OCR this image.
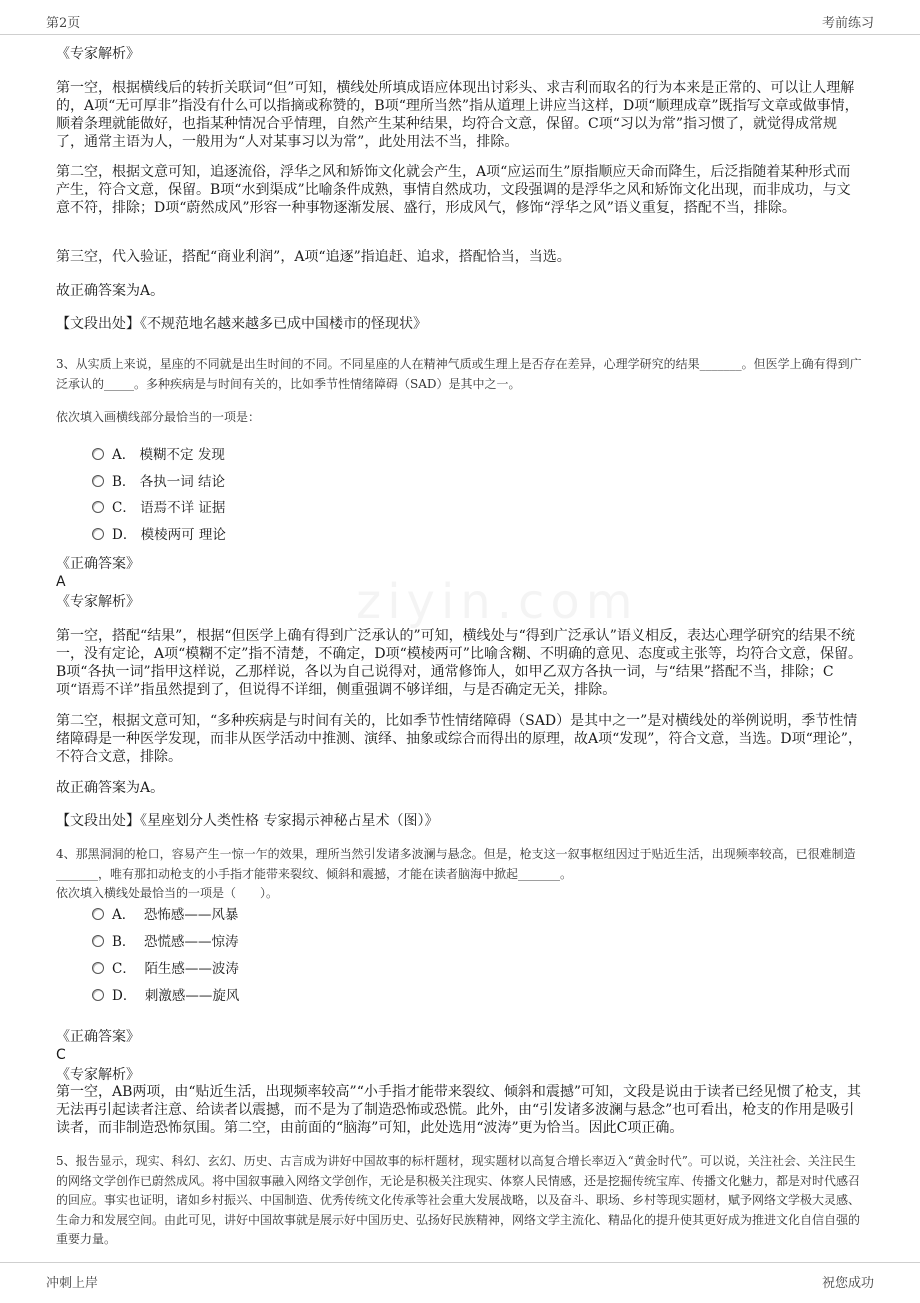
第2页	考前练习

《专家解析》

第一空，根据横线后的转折关联词“但”可知，横线处所填成语应体现出讨彩头、求吉利而取名的行为本来是正常的、可以让人理解的，A项“无可厚非”指没有什么可以指摘或称赞的，B项“理所当然”指从道理上讲应当这样，D项“顺理成章”既指写文章或做事情，顺着条理就能做好，也指某种情况合乎情理，自然产生某种结果，均符合文意，保留。C项“习以为常”指习惯了，就觉得成常规了，通常主语为人，一般用为“人对某事习以为常”，此处用法不当，排除。

第二空，根据文意可知，追逐流俗，浮华之风和矫饰文化就会产生，A项“应运而生”原指顺应天命而降生，后泛指随着某种形式而产生，符合文意，保留。B项“水到渠成”比喻条件成熟，事情自然成功，文段强调的是浮华之风和矫饰文化出现，而非成功，与文意不符，排除；D项“蔚然成风”形容一种事物逐渐发展、盛行，形成风气，修饰“浮华之风”语义重复，搭配不当，排除。

第三空，代入验证，搭配“商业利润”，A项“追逐”指追赶、追求，搭配恰当，当选。

故正确答案为A。

【文段出处】《不规范地名越来越多已成中国楼市的怪现状》

3、从实质上来说，星座的不同就是出生时间的不同。不同星座的人在精神气质或生理上是否存在差异，心理学研究的结果_______。但医学上确有得到广泛承认的_____。多种疾病是与时间有关的，比如季节性情绪障碍（SAD）是其中之一。

依次填入画横线部分最恰当的一项是：

A． 模糊不定 发现
B． 各执一词 结论
C． 语焉不详 证据
D． 模棱两可 理论

《正确答案》

A

《专家解析》

第一空，搭配“结果”，根据“但医学上确有得到广泛承认的”可知，横线处与“得到广泛承认”语义相反，表达心理学研究的结果不统一，没有定论，A项“模糊不定”指不清楚，不确定，D项“模棱两可”比喻含糊、不明确的意见、态度或主张等，均符合文意，保留。B项“各执一词”指甲这样说，乙那样说，各以为自己说得对，通常修饰人，如甲乙双方各执一词，与“结果”搭配不当，排除；C项“语焉不详”指虽然提到了，但说得不详细，侧重强调不够详细，与是否确定无关，排除。

第二空，根据文意可知，“多种疾病是与时间有关的，比如季节性情绪障碍（SAD）是其中之一”是对横线处的举例说明，季节性情绪障碍是一种医学发现，而非从医学活动中推测、演绎、抽象或综合而得出的原理，故A项“发现”，符合文意，当选。D项“理论”，不符合文意，排除。

故正确答案为A。

【文段出处】《星座划分人类性格 专家揭示神秘占星术（图）》

4、那黑洞洞的枪口，容易产生一惊一乍的效果，理所当然引发诸多波澜与悬念。但是，枪支这一叙事枢纽因过于贴近生活，出现频率较高，已很难制造_______，唯有那扣动枪支的小手指才能带来裂纹、倾斜和震撼，才能在读者脑海中掀起_______。

依次填入横线处最恰当的一项是（　　）。

A． 恐怖感——风暴
B． 恐慌感——惊涛
C． 陌生感——波涛
D． 刺激感——旋风

《正确答案》

C

《专家解析》

第一空，AB两项，由“贴近生活，出现频率较高”“小手指才能带来裂纹、倾斜和震撼”可知，文段是说由于读者已经见惯了枪支，其无法再引起读者注意、给读者以震撼，而不是为了制造恐怖或恐慌。此外，由“引发诸多波澜与悬念”也可看出，枪支的作用是吸引读者，而非制造恐怖氛围。第二空，由前面的“脑海”可知，此处选用“波涛”更为恰当。因此C项正确。

5、报告显示，现实、科幻、玄幻、历史、古言成为讲好中国故事的标杆题材，现实题材以高复合增长率迈入“黄金时代”。可以说，关注社会、关注民生的网络文学创作已蔚然成风。将中国叙事融入网络文学创作，无论是积极关注现实、体察人民情感，还是挖掘传统宝库、传播文化魅力，都是对时代感召的回应。事实也证明，诸如乡村振兴、中国制造、优秀传统文化传承等社会重大发展战略，以及奋斗、职场、乡村等现实题材，赋予网络文学极大灵感、生命力和发展空间。由此可见，讲好中国故事就是展示好中国历史、弘扬好民族精神，网络文学主流化、精品化的提升使其更好成为推进文化自信自强的重要力量。

冲刺上岸	祝您成功
